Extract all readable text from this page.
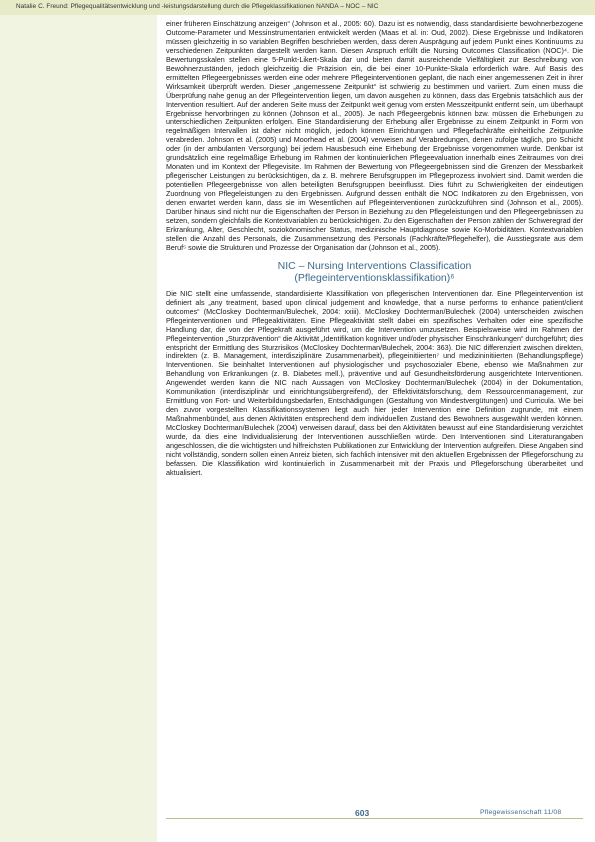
Natalie C. Freund: Pflegequalitätsentwicklung und -leistungsdarstellung durch die Pflegeklassifikationen NANDA – NOC – NIC

einer früheren Einschätzung anzeigen“ (Johnson et al., 2005: 60). Dazu ist es notwendig, dass standardisierte bewohnerbezogene Outcome-Parameter und Messinstrumentarien entwickelt werden (Maas et al. in: Oud, 2002). Diese Ergebnisse und Indikatoren müssen gleichzeitig in so variablen Begriffen beschrieben werden, dass deren Ausprägung auf jedem Punkt eines Kontinuums zu verschiedenen Zeitpunkten dargestellt werden kann. Diesen Anspruch erfüllt die Nursing Outcomes Classification (NOC)⁴. Die Bewertungsskalen stellen eine 5-Punkt-Likert-Skala dar und bieten damit ausreichende Vielfältigkeit zur Beschreibung von Bewohnerzuständen, jedoch gleichzeitig die Präzision ein, die bei einer 10-Punkte-Skala erforderlich wäre. Auf Basis des ermittelten Pflegeergebnisses werden eine oder mehrere Pflegeinterventionen geplant, die nach einer angemessenen Zeit in ihrer Wirksamkeit überprüft werden. Dieser „angemessene Zeitpunkt“ ist schwierig zu bestimmen und variiert. Zum einen muss die Überprüfung nahe genug an der Pflegeintervention liegen, um davon ausgehen zu können, dass das Ergebnis tatsächlich aus der Intervention resultiert. Auf der anderen Seite muss der Zeitpunkt weit genug vom ersten Messzeitpunkt entfernt sein, um überhaupt Ergebnisse hervorbringen zu können (Johnson et al., 2005). Je nach Pflegeergebnis können bzw. müssen die Erhebungen zu unterschiedlichen Zeitpunkten erfolgen. Eine Standardisierung der Erhebung aller Ergebnisse zu einem Zeitpunkt in Form von regelmäßigen Intervallen ist daher nicht möglich, jedoch können Einrichtungen und Pflegefachkräfte einheitliche Zeitpunkte verabreden. Johnson et al. (2005) und Moorhead et al. (2004) verweisen auf Verabredungen, denen zufolge täglich, pro Schicht oder (in der ambulanten Versorgung) bei jedem Hausbesuch eine Erhebung der Ergebnisse vorgenommen wurde. Denkbar ist grundsätzlich eine regelmäßige Erhebung im Rahmen der kontinuierlichen Pflegeevaluation innerhalb eines Zeitraumes von drei Monaten und im Kontext der Pflegevisite. Im Rahmen der Bewertung von Pflegeergebnissen sind die Grenzen der Messbarkeit pflegerischer Leistungen zu berücksichtigen, da z. B. mehrere Berufsgruppen im Pflegeprozess involviert sind. Damit werden die potentiellen Pflegeergebnisse von allen beteiligten Berufsgruppen beeinflusst. Dies führt zu Schwierigkeiten der eindeutigen Zuordnung von Pflegeleistungen zu den Ergebnissen. Aufgrund dessen enthält die NOC Indikatoren zu den Ergebnissen, von denen erwartet werden kann, dass sie im Wesentlichen auf Pflegeinterventionen zurückzuführen sind (Johnson et al., 2005). Darüber hinaus sind nicht nur die Eigenschaften der Person in Beziehung zu den Pflegeleistungen und den Pflegeergebnissen zu setzen, sondern gleichfalls die Kontextvariablen zu berücksichtigen. Zu den Eigenschaften der Person zählen der Schweregrad der Erkrankung, Alter, Geschlecht, soziokönomischer Status, medizinische Hauptdiagnose sowie Ko-Morbiditäten. Kontextvariablen stellen die Anzahl des Personals, die Zusammensetzung des Personals (Fachkräfte/Pflegehelfer), die Ausstiegsrate aus dem Beruf⁵ sowie die Strukturen und Prozesse der Organisation dar (Johnson et al., 2005).

NIC – Nursing Interventions Classification
(Pflegeinterventionsklassifikation)⁶

Die NIC stellt eine umfassende, standardisierte Klassifikation von pflegerischen Interventionen dar. Eine Pflegeintervention ist definiert als „any treatment, based upon clinical judgement and knowledge, that a nurse performs to enhance patient/client outcomes“ (McCloskey Dochterman/Bulechek, 2004: xxiii). McCloskey Dochterman/Bulechek (2004) unterscheiden zwischen Pflegeinterventionen und Pflegeaktivitäten. Eine Pflegeaktivität stellt dabei ein spezifisches Verhalten oder eine spezifische Handlung dar, die von der Pflegekraft ausgeführt wird, um die Intervention umzusetzen. Beispielsweise wird im Rahmen der Pflegeintervention „Sturzprävention“ die Aktivität „Identifikation kognitiver und/oder physischer Einschränkungen“ durchgeführt; dies entspricht der Ermittlung des Sturzrisikos (McCloskey Dochterman/Bulechek, 2004: 363). Die NIC differenziert zwischen direkten, indirekten (z. B. Management, interdisziplinäre Zusammenarbeit), pflegeinitiierten⁷ und medizininitiierten (Behandlungspflege) Interventionen. Sie beinhaltet Interventionen auf physiologischer und psychosozialer Ebene, ebenso wie Maßnahmen zur Behandlung von Erkrankungen (z. B. Diabetes mell.), präventive und auf Gesundheitsförderung ausgerichtete Interventionen. Angewendet werden kann die NIC nach Aussagen von McCloskey Dochterman/Bulechek (2004) in der Dokumentation, Kommunikation (interdisziplinär und einrichtungsübergreifend), der Effektivitätsforschung, dem Ressourcenmanagement, zur Ermittlung von Fort- und Weiterbildungsbedarfen, Entschädigungen (Gestaltung von Mindestvergütungen) und Curricula. Wie bei den zuvor vorgestellten Klassifikationssystemen liegt auch hier jeder Intervention eine Definition zugrunde, mit einem Maßnahmenbündel, aus denen Aktivitäten entsprechend dem individuellen Zustand des Bewohners ausgewählt werden können. McCloskey Dochterman/Bulechek (2004) verweisen darauf, dass bei den Aktivitäten bewusst auf eine Standardisierung verzichtet wurde, da dies eine Individualisierung der Interventionen ausschließen würde. Den Interventionen sind Literaturangaben angeschlossen, die die wichtigsten und hilfreichsten Publikationen zur Entwicklung der Intervention aufgreifen. Diese Angaben sind nicht vollständig, sondern sollen einen Anreiz bieten, sich fachlich intensiver mit den aktuellen Ergebnissen der Pflegeforschung zu befassen. Die Klassifikation wird kontinuierlich in Zusammenarbeit mit der Praxis und Pflegeforschung überarbeitet und aktualisiert.

603	Pflegewissenschaft 11/08
